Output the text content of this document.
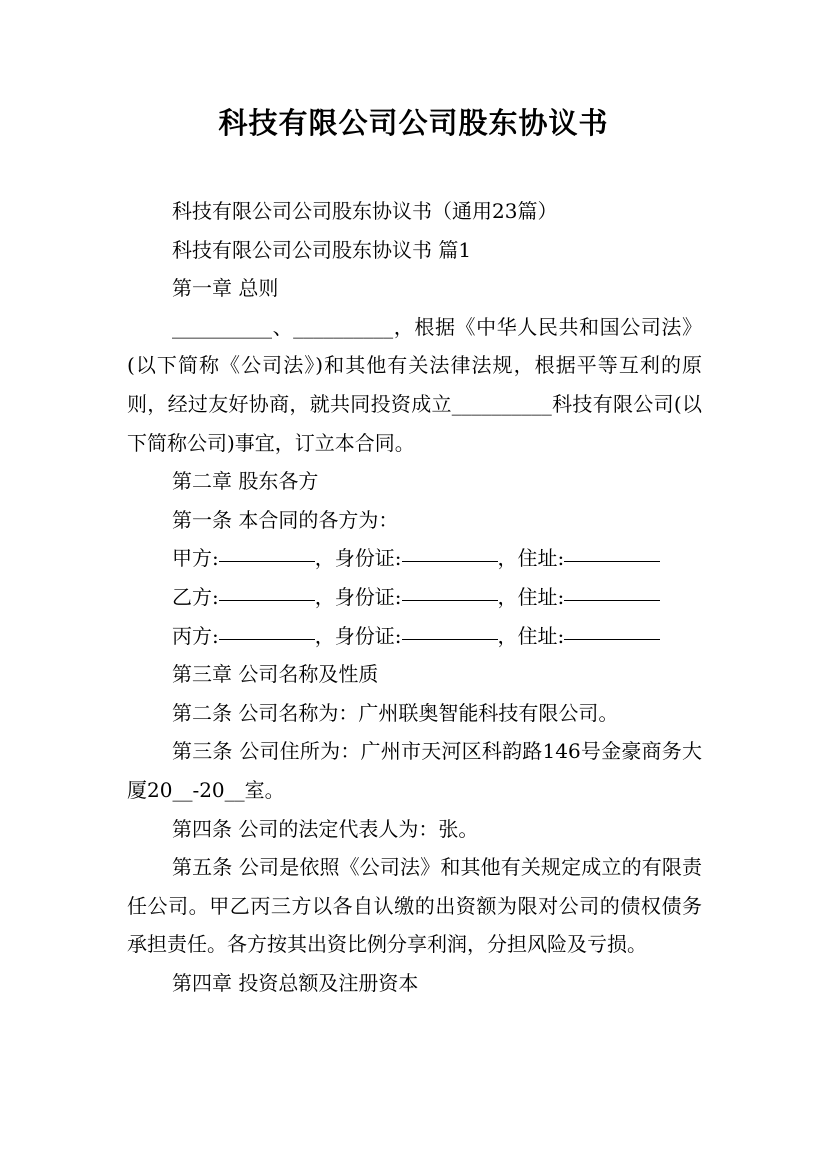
科技有限公司公司股东协议书

科技有限公司公司股东协议书（通用23篇）

科技有限公司公司股东协议书 篇1

第一章 总则

__________、__________，根据《中华人民共和国公司法》(以下简称《公司法》)和其他有关法律法规，根据平等互利的原则，经过友好协商，就共同投资成立__________科技有限公司(以下简称公司)事宜，订立本合同。

第二章 股东各方

第一条 本合同的各方为：

甲方:	，身份证:	，住址:
乙方:	，身份证:	，住址:
丙方:	，身份证:	，住址:

第三章 公司名称及性质

第二条 公司名称为：广州联奥智能科技有限公司。

第三条 公司住所为：广州市天河区科韵路146号金豪商务大厦20__-20__室。

第四条 公司的法定代表人为：张。

第五条 公司是依照《公司法》和其他有关规定成立的有限责任公司。甲乙丙三方以各自认缴的出资额为限对公司的债权债务承担责任。各方按其出资比例分享利润，分担风险及亏损。

第四章 投资总额及注册资本
